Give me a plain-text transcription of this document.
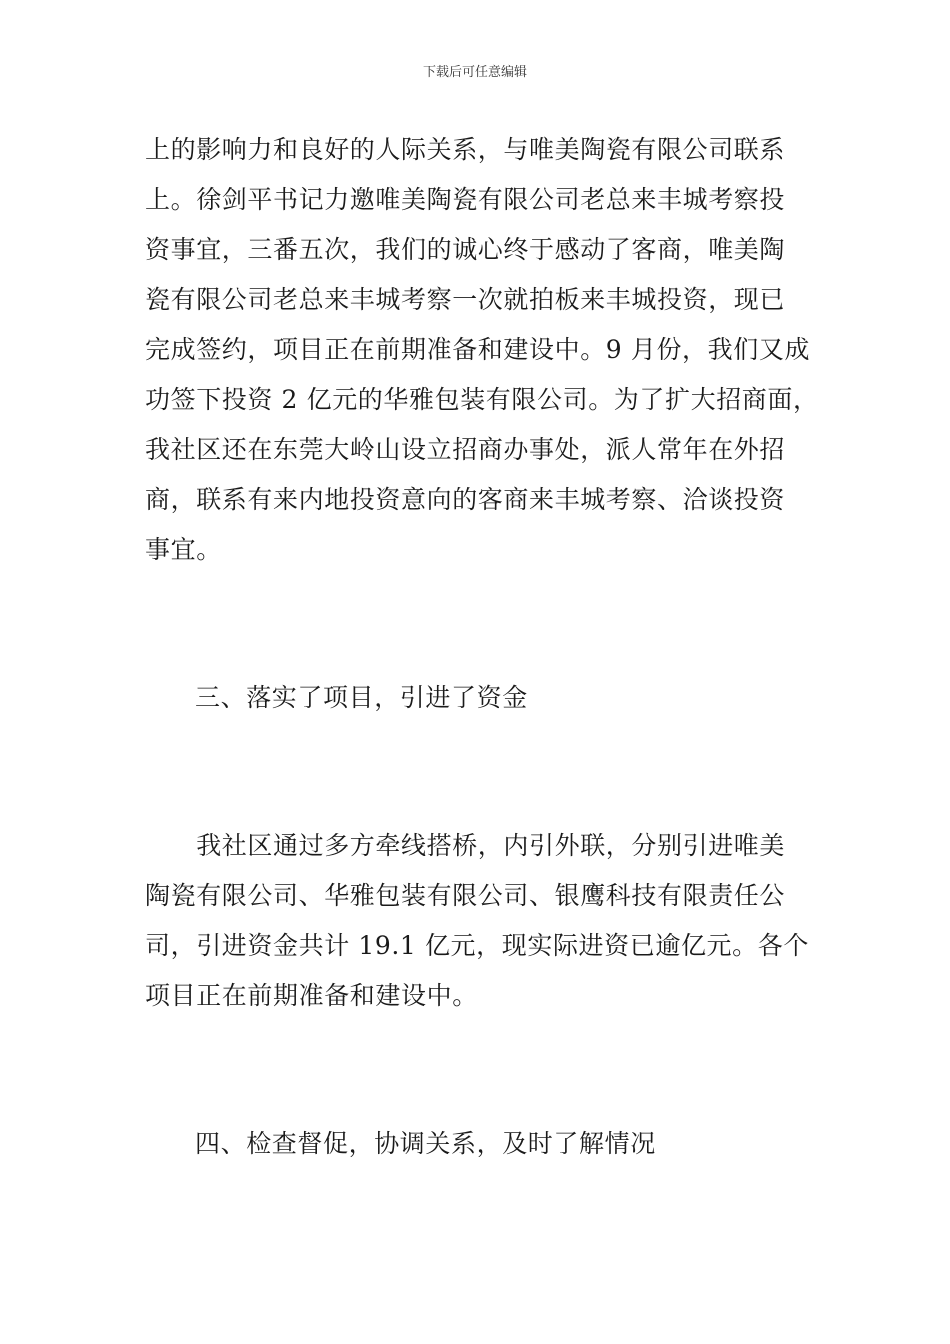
下载后可任意编辑
上的影响力和良好的人际关系，与唯美陶瓷有限公司联系
上。徐剑平书记力邀唯美陶瓷有限公司老总来丰城考察投
资事宜，三番五次，我们的诚心终于感动了客商，唯美陶
瓷有限公司老总来丰城考察一次就拍板来丰城投资，现已
完成签约，项目正在前期准备和建设中。9 月份，我们又成
功签下投资 2 亿元的华雅包装有限公司。为了扩大招商面，
我社区还在东莞大岭山设立招商办事处，派人常年在外招
商，联系有来内地投资意向的客商来丰城考察、洽谈投资
事宜。
三、落实了项目，引进了资金
　　我社区通过多方牵线搭桥，内引外联，分别引进唯美
陶瓷有限公司、华雅包装有限公司、银鹰科技有限责任公
司，引进资金共计 19.1 亿元，现实际进资已逾亿元。各个
项目正在前期准备和建设中。
四、检查督促，协调关系，及时了解情况
